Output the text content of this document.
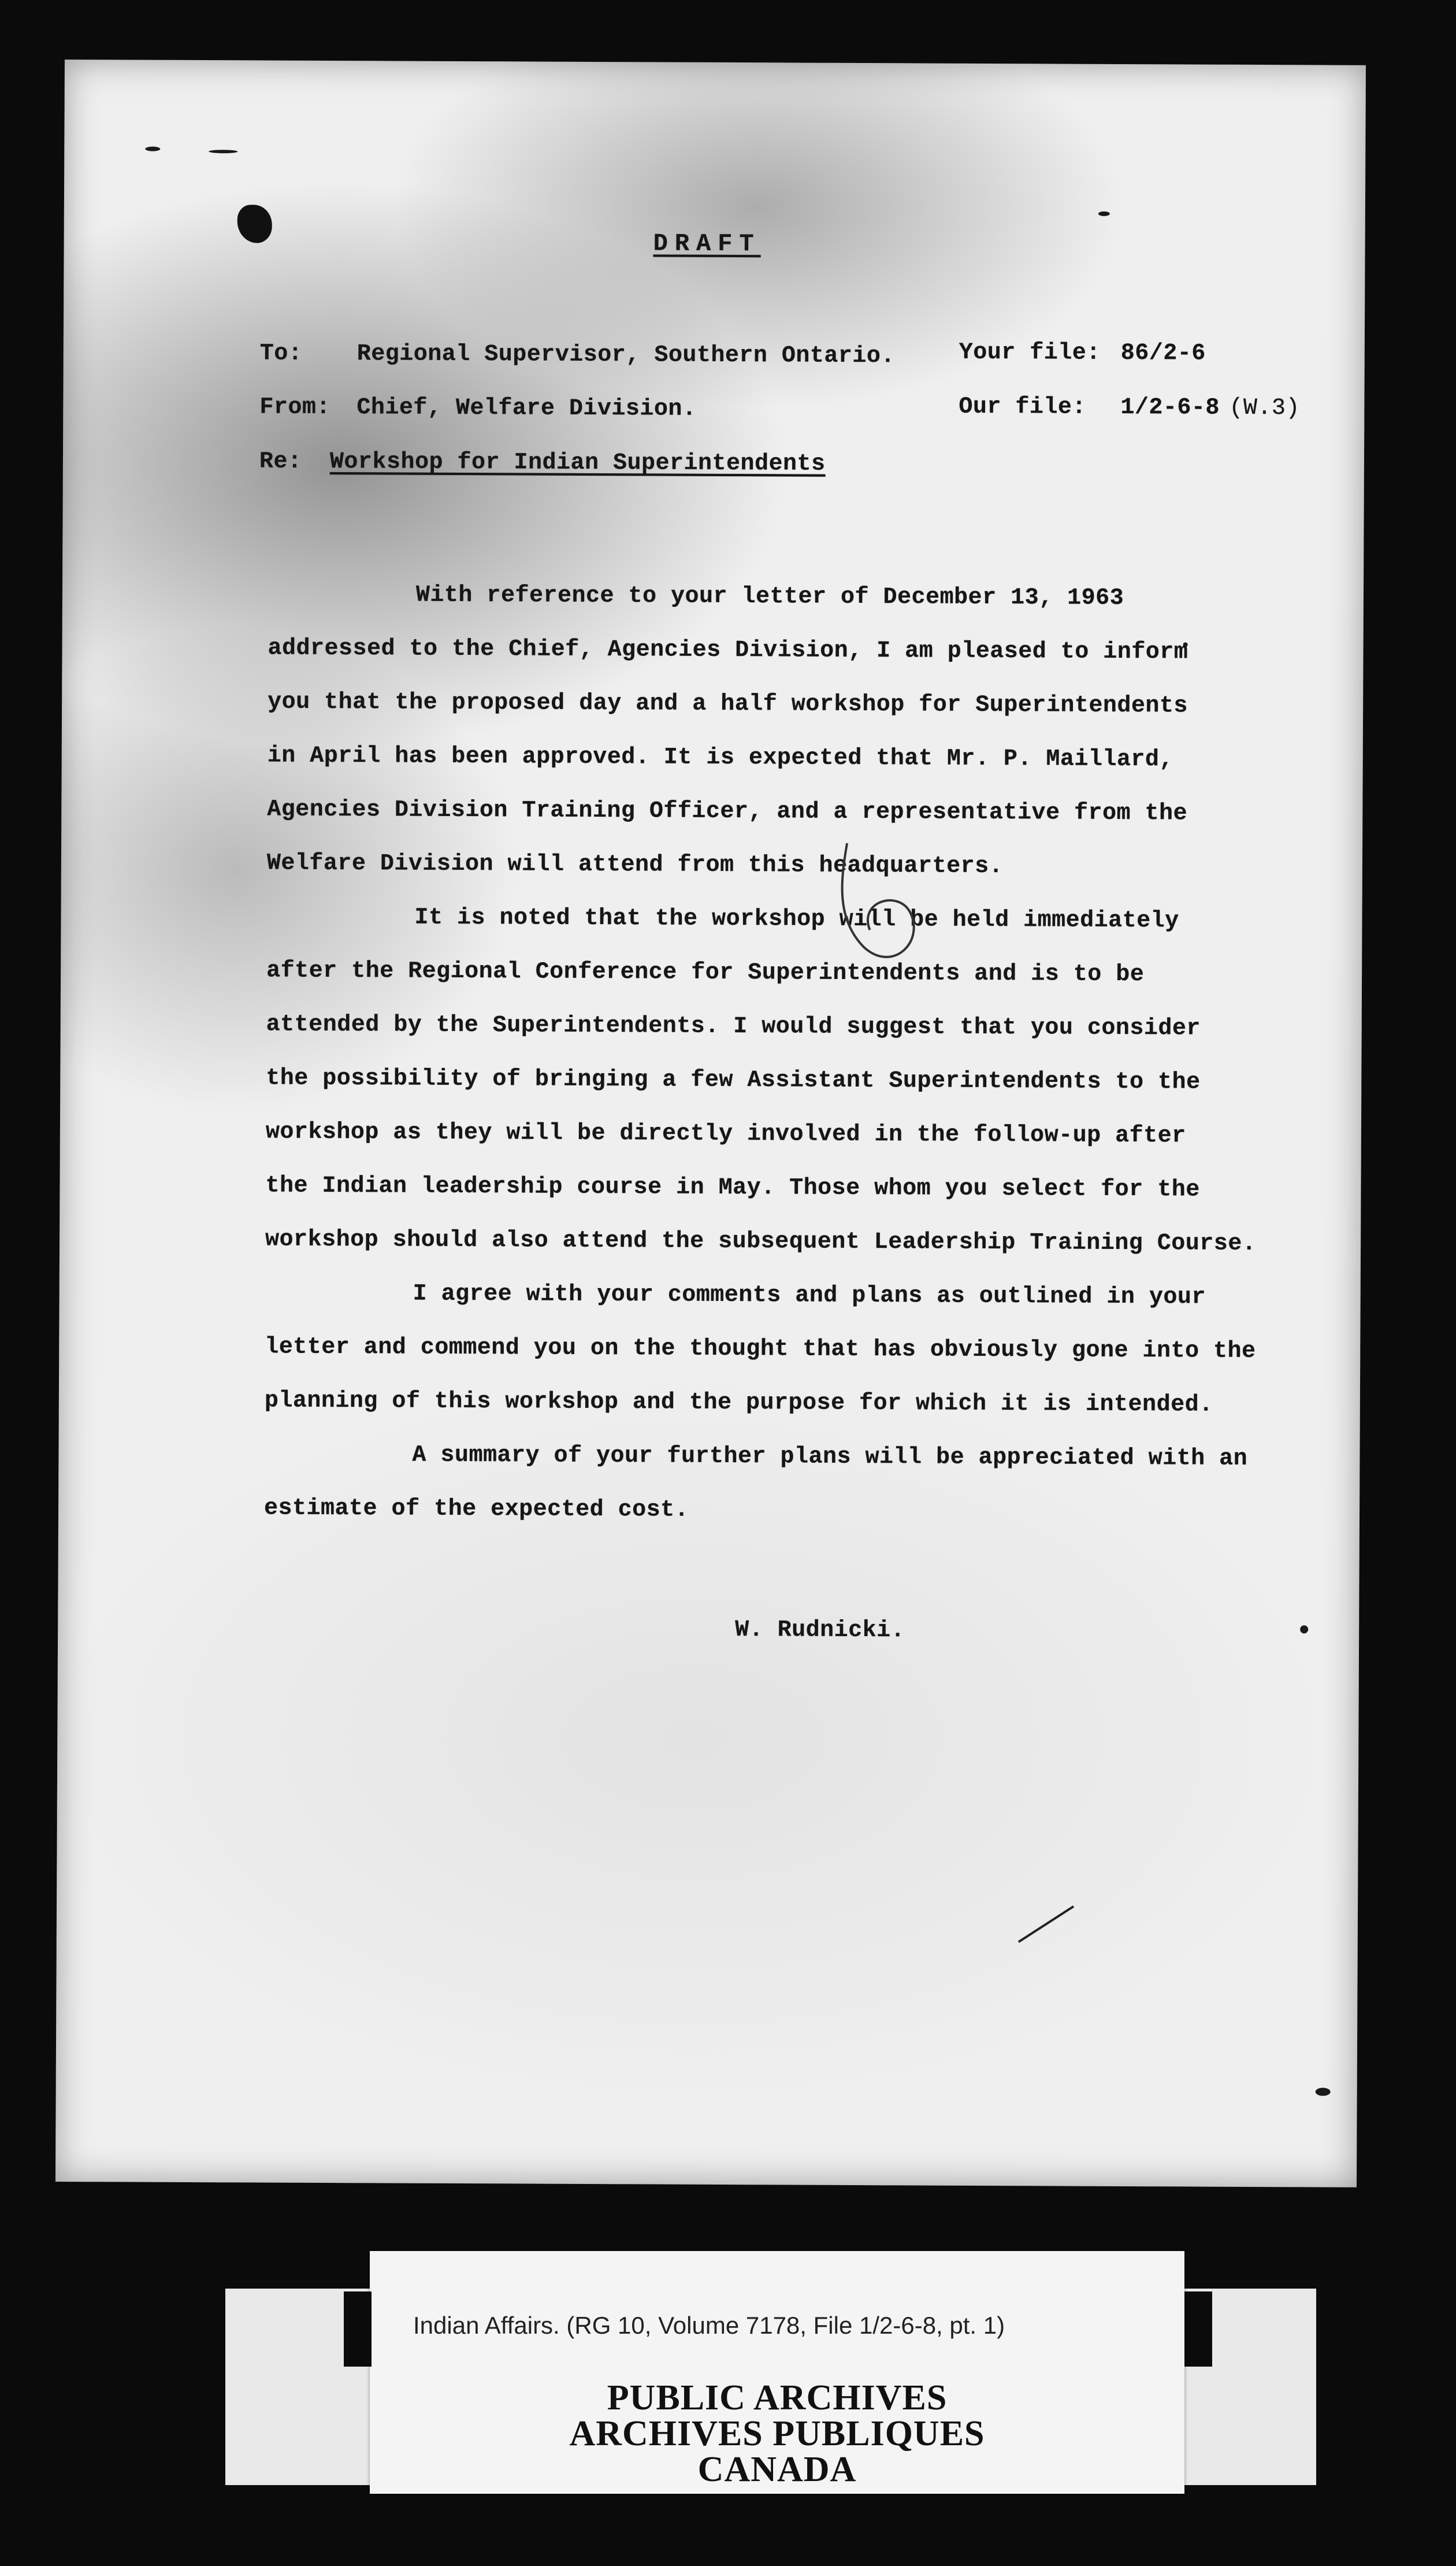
DRAFT
To: Regional Supervisor, Southern Ontario.	Your file: 86/2-6
From: Chief, Welfare Division.	Our file: 1/2-6-8 (W.3)
Re: Workshop for Indian Superintendents
With reference to your letter of December 13, 1963
addressed to the Chief, Agencies Division, I am pleased to inform
you that the proposed day and a half workshop for Superintendents
in April has been approved. It is expected that Mr. P. Maillard,
Agencies Division Training Officer, and a representative from the
Welfare Division will attend from this headquarters.
It is noted that the workshop will be held immediately
after the Regional Conference for Superintendents and is to be
attended by the Superintendents. I would suggest that you consider
the possibility of bringing a few Assistant Superintendents to the
workshop as they will be directly involved in the follow-up after
the Indian leadership course in May. Those whom you select for the
workshop should also attend the subsequent Leadership Training Course.
I agree with your comments and plans as outlined in your
letter and commend you on the thought that has obviously gone into the
planning of this workshop and the purpose for which it is intended.
A summary of your further plans will be appreciated with an
estimate of the expected cost.
W. Rudnicki.
Indian Affairs. (RG 10, Volume 7178, File 1/2-6-8, pt. 1)
PUBLIC ARCHIVES
ARCHIVES PUBLIQUES
CANADA
